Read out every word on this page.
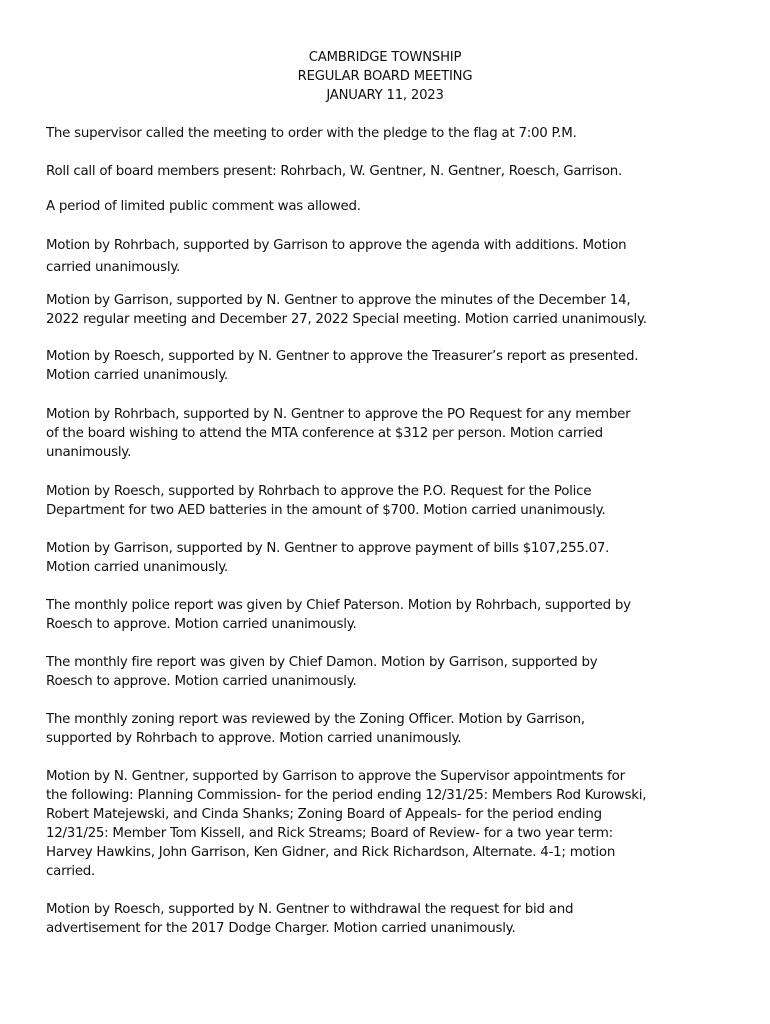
CAMBRIDGE TOWNSHIP
REGULAR BOARD MEETING
JANUARY 11, 2023
The supervisor called the meeting to order with the pledge to the flag at 7:00 P.M.
Roll call of board members present: Rohrbach, W. Gentner, N. Gentner, Roesch, Garrison.
A period of limited public comment was allowed.
Motion by Rohrbach, supported by Garrison to approve the agenda with additions. Motion
carried unanimously.
Motion by Garrison, supported by N. Gentner to approve the minutes of the December 14,
2022 regular meeting and December 27, 2022 Special meeting. Motion carried unanimously.
Motion by Roesch, supported by N. Gentner to approve the Treasurer’s report as presented.
Motion carried unanimously.
Motion by Rohrbach, supported by N. Gentner to approve the PO Request for any member
of the board wishing to attend the MTA conference at $312 per person. Motion carried
unanimously.
Motion by Roesch, supported by Rohrbach to approve the P.O. Request for the Police
Department for two AED batteries in the amount of $700. Motion carried unanimously.
Motion by Garrison, supported by N. Gentner to approve payment of bills $107,255.07.
Motion carried unanimously.
The monthly police report was given by Chief Paterson. Motion by Rohrbach, supported by
Roesch to approve. Motion carried unanimously.
The monthly fire report was given by Chief Damon. Motion by Garrison, supported by
Roesch to approve. Motion carried unanimously.
The monthly zoning report was reviewed by the Zoning Officer. Motion by Garrison,
supported by Rohrbach to approve. Motion carried unanimously.
Motion by N. Gentner, supported by Garrison to approve the Supervisor appointments for
the following: Planning Commission- for the period ending 12/31/25: Members Rod Kurowski,
Robert Matejewski, and Cinda Shanks; Zoning Board of Appeals- for the period ending
12/31/25: Member Tom Kissell, and Rick Streams; Board of Review- for a two year term:
Harvey Hawkins, John Garrison, Ken Gidner, and Rick Richardson, Alternate. 4-1; motion
carried.
Motion by Roesch, supported by N. Gentner to withdrawal the request for bid and
advertisement for the 2017 Dodge Charger. Motion carried unanimously.
